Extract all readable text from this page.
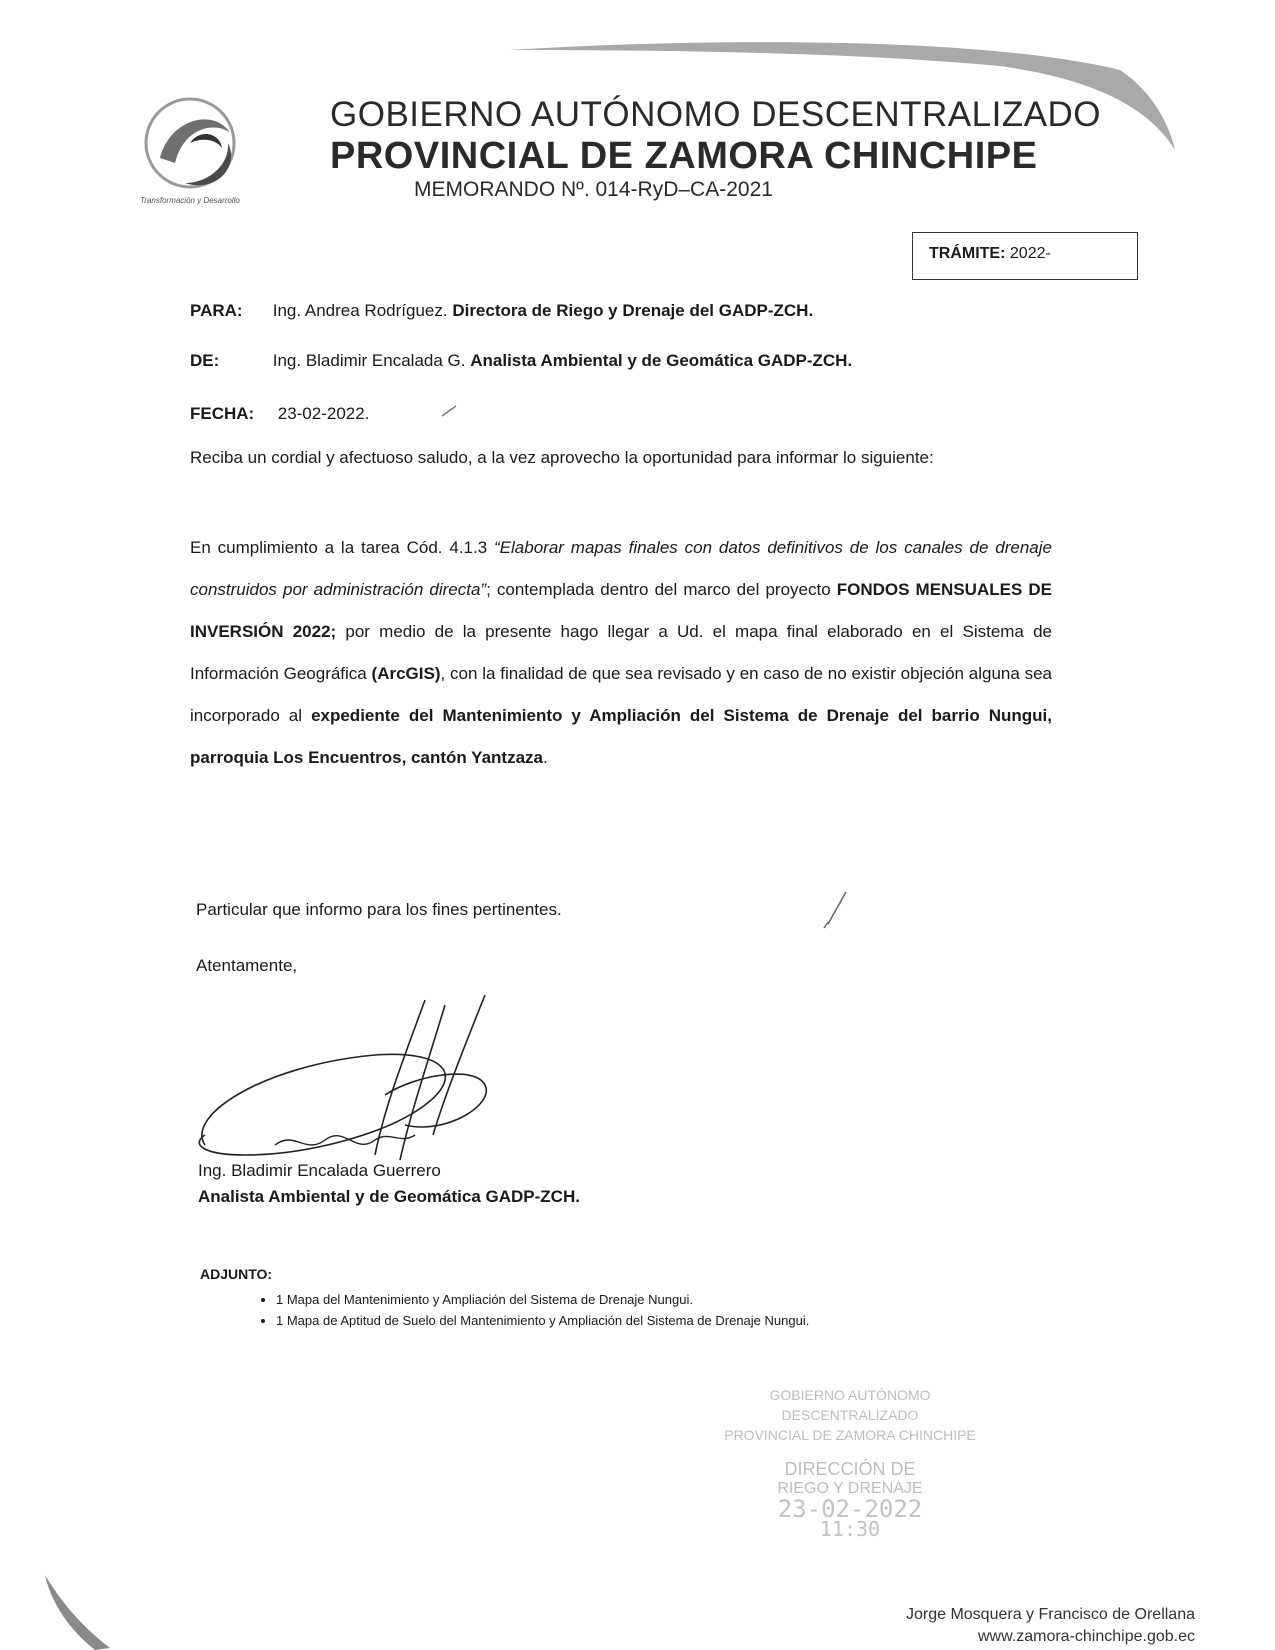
Transformación y Desarrollo
GOBIERNO AUTÓNOMO DESCENTRALIZADO
PROVINCIAL DE ZAMORA CHINCHIPE
MEMORANDO Nº. 014-RyD–CA-2021
TRÁMITE: 2022-
PARA: Ing. Andrea Rodríguez. Directora de Riego y Drenaje del GADP-ZCH.
DE:	Ing. Bladimir Encalada G. Analista Ambiental y de Geomática GADP-ZCH.
FECHA: 23-02-2022.
Reciba un cordial y afectuoso saludo, a la vez aprovecho la oportunidad para informar lo siguiente:
En cumplimiento a la tarea Cód. 4.1.3 “Elaborar mapas finales con datos definitivos de los canales de drenaje construidos por administración directa”; contemplada dentro del marco del proyecto FONDOS MENSUALES DE INVERSIÓN 2022; por medio de la presente hago llegar a Ud. el mapa final elaborado en el Sistema de Información Geográfica (ArcGIS), con la finalidad de que sea revisado y en caso de no existir objeción alguna sea incorporado al expediente del Mantenimiento y Ampliación del Sistema de Drenaje del barrio Nungui, parroquia Los Encuentros, cantón Yantzaza.
Particular que informo para los fines pertinentes.
Atentamente,
Ing. Bladimir Encalada Guerrero
Analista Ambiental y de Geomática GADP-ZCH.
ADJUNTO:
• 1 Mapa del Mantenimiento y Ampliación del Sistema de Drenaje Nungui.
• 1 Mapa de Aptitud de Suelo del Mantenimiento y Ampliación del Sistema de Drenaje Nungui.
GOBIERNO AUTÓNOMO DESCENTRALIZADO
PROVINCIAL DE ZAMORA CHINCHIPE
DIRECCIÓN DE
RIEGO Y DRENAJE
23-02-2022
11:30
Jorge Mosquera y Francisco de Orellana
www.zamora-chinchipe.gob.ec
